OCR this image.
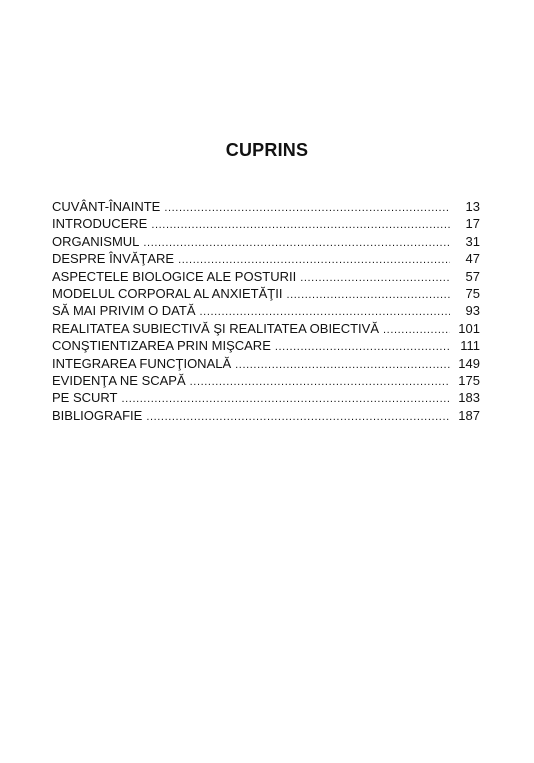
CUPRINS
CUVÂNT-ÎNAINTE .....	13
INTRODUCERE .....	17
ORGANISMUL .....	31
DESPRE ÎNVĂŢARE .....	47
ASPECTELE BIOLOGICE ALE POSTURII .....	57
MODELUL CORPORAL AL ANXIETĂŢII .....	75
SĂ MAI PRIVIM O DATĂ .....	93
REALITATEA SUBIECTIVĂ ŞI REALITATEA OBIECTIVĂ .....	101
CONŞTIENTIZAREA PRIN MIŞCARE .....	111
INTEGRAREA FUNCŢIONALĂ .....	149
EVIDENŢA NE SCAPĂ .....	175
PE SCURT .....	183
BIBLIOGRAFIE .....	187
